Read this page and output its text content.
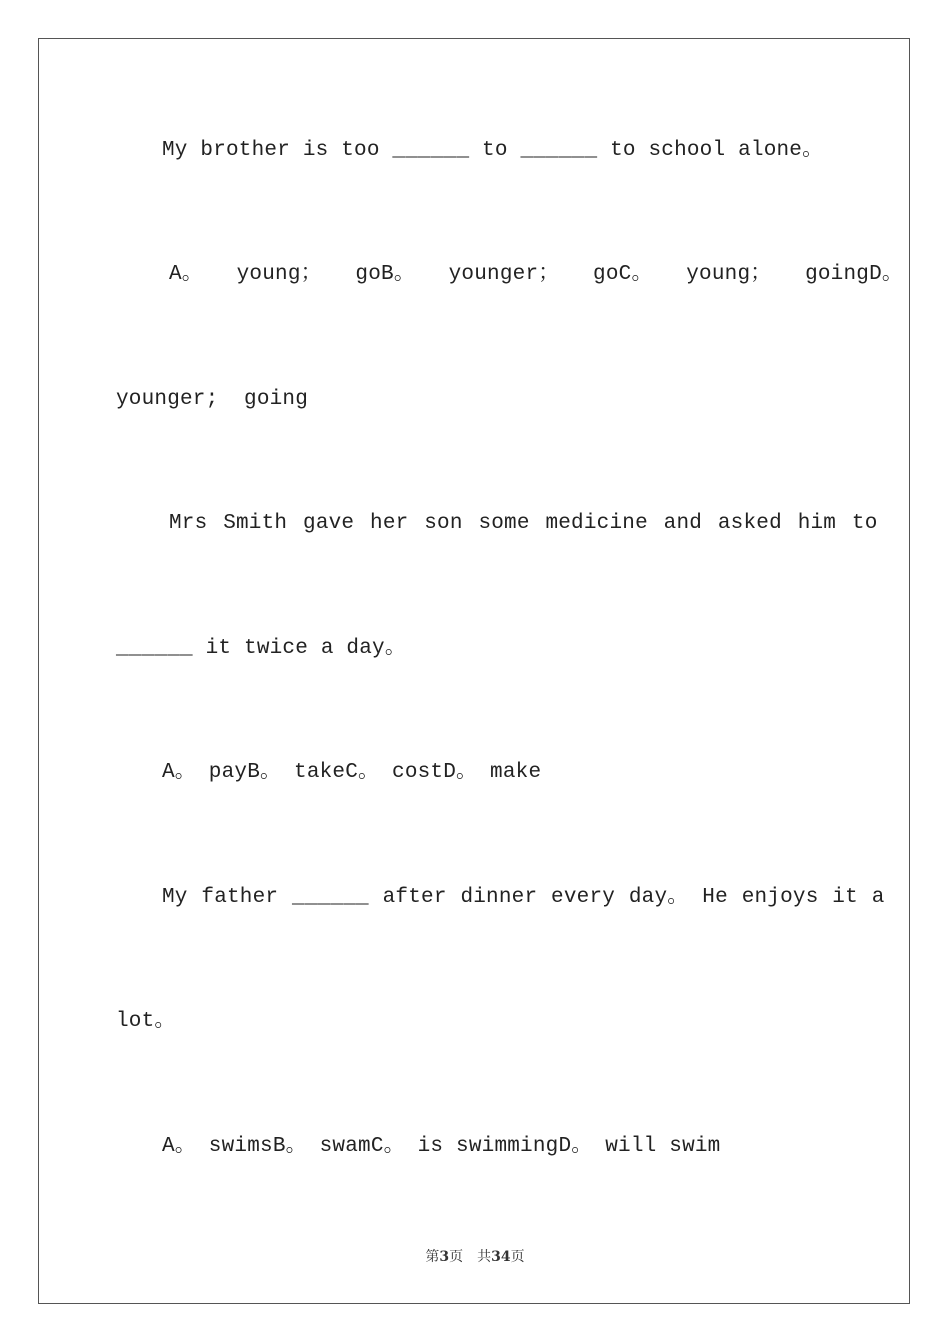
My brother is too ______ to ______ to school alone。
A。  young；  goB。  younger；  goC。  young；  goingD。
younger;  going
Mrs Smith gave her son some medicine and asked him to
______ it twice a day。
A。 payB。 takeC。 costD。 make
My father ______ after dinner every day。 He enjoys it a
lot。
A。 swimsB。 swamC。 is swimmingD。 will swim
第3页　共34页
